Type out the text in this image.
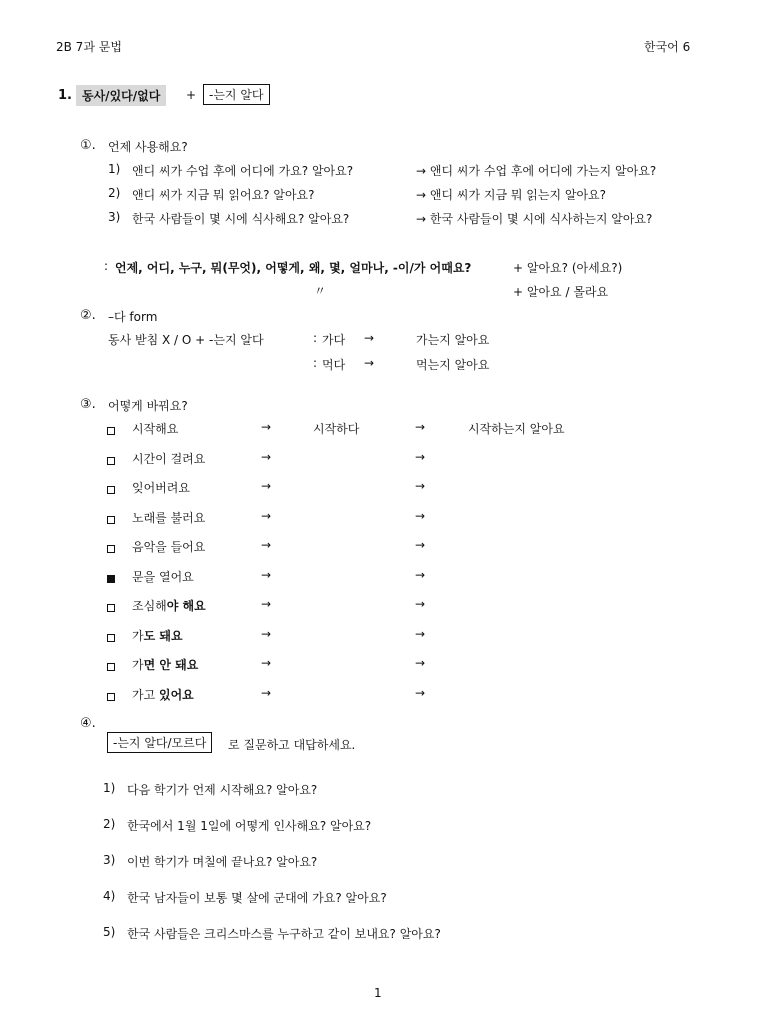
2B 7과 문법	한국어 6
1. 동사/있다/없다	+	-는지 알다
①. 언제 사용해요?
1) 앤디 씨가 수업 후에 어디에 가요? 알아요?	→ 앤디 씨가 수업 후에 어디에 가는지 알아요?
2) 앤디 씨가 지금 뭐 읽어요? 알아요?	→ 앤디 씨가 지금 뭐 읽는지 알아요?
3) 한국 사람들이 몇 시에 식사해요? 알아요?	→ 한국 사람들이 몇 시에 식사하는지 알아요?
: 언제, 어디, 누구, 뭐(무엇), 어떻게, 왜, 몇, 얼마나, -이/가 어때요?	+ 알아요? (아세요?)
〃	+ 알아요 / 몰라요
②. –다 form
동사 받침 X / O + -는지 알다	: 가다 →	가는지 알아요
: 먹다 →	먹는지 알아요
③. 어떻게 바꿔요?
시작해요	→	시작하다	→	시작하는지 알아요
시간이 걸려요	→	→
잊어버려요	→	→
노래를 불러요	→	→
음악을 들어요	→	→
문을 열어요	→	→
조심해야 해요	→	→
가도 돼요	→	→
가면 안 돼요	→	→
가고 있어요	→	→
④.
-는지 알다/모르다	로 질문하고 대답하세요.
1) 다음 학기가 언제 시작해요? 알아요?
2) 한국에서 1월 1일에 어떻게 인사해요? 알아요?
3) 이번 학기가 며칠에 끝나요? 알아요?
4) 한국 남자들이 보통 몇 살에 군대에 가요? 알아요?
5) 한국 사람들은 크리스마스를 누구하고 같이 보내요? 알아요?
1
